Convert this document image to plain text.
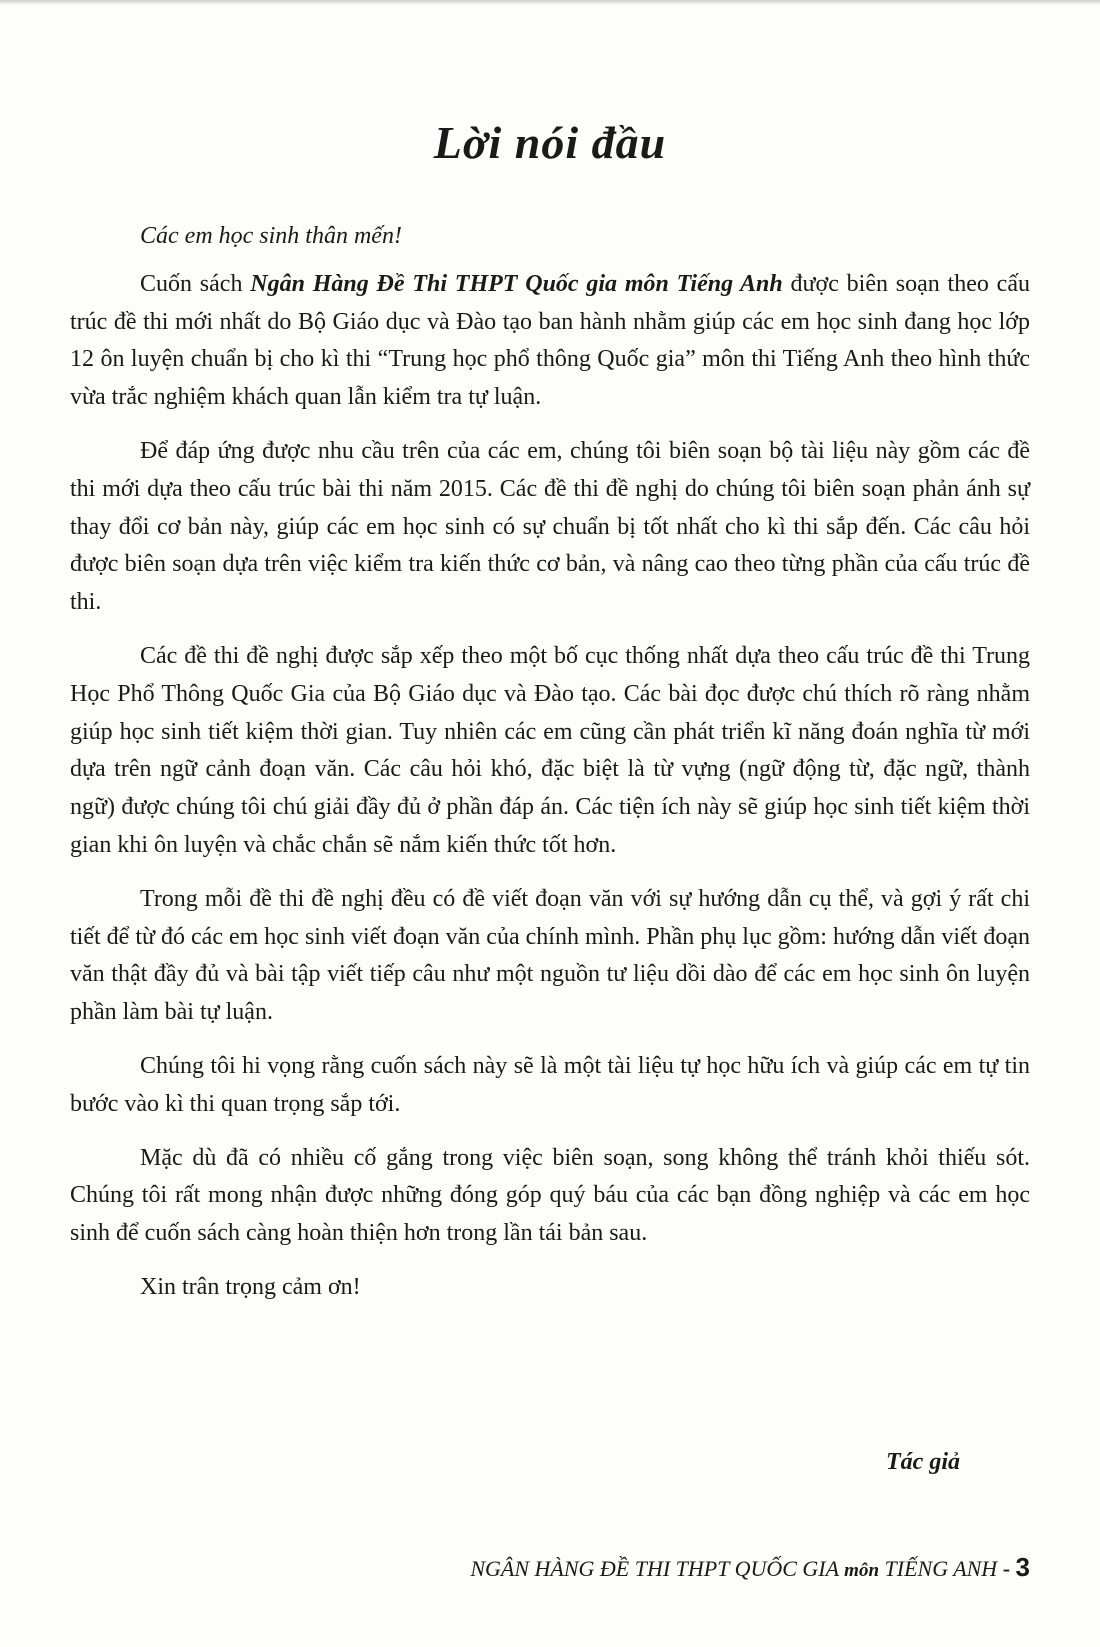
Lời nói đầu

Các em học sinh thân mến!

Cuốn sách Ngân Hàng Đề Thi THPT Quốc gia môn Tiếng Anh được biên soạn theo cấu trúc đề thi mới nhất do Bộ Giáo dục và Đào tạo ban hành nhằm giúp các em học sinh đang học lớp 12 ôn luyện chuẩn bị cho kì thi “Trung học phổ thông Quốc gia” môn thi Tiếng Anh theo hình thức vừa trắc nghiệm khách quan lẫn kiểm tra tự luận.

Để đáp ứng được nhu cầu trên của các em, chúng tôi biên soạn bộ tài liệu này gồm các đề thi mới dựa theo cấu trúc bài thi năm 2015. Các đề thi đề nghị do chúng tôi biên soạn phản ánh sự thay đổi cơ bản này, giúp các em học sinh có sự chuẩn bị tốt nhất cho kì thi sắp đến. Các câu hỏi được biên soạn dựa trên việc kiểm tra kiến thức cơ bản, và nâng cao theo từng phần của cấu trúc đề thi.

Các đề thi đề nghị được sắp xếp theo một bố cục thống nhất dựa theo cấu trúc đề thi Trung Học Phổ Thông Quốc Gia của Bộ Giáo dục và Đào tạo. Các bài đọc được chú thích rõ ràng nhằm giúp học sinh tiết kiệm thời gian. Tuy nhiên các em cũng cần phát triển kĩ năng đoán nghĩa từ mới dựa trên ngữ cảnh đoạn văn. Các câu hỏi khó, đặc biệt là từ vựng (ngữ động từ, đặc ngữ, thành ngữ) được chúng tôi chú giải đầy đủ ở phần đáp án. Các tiện ích này sẽ giúp học sinh tiết kiệm thời gian khi ôn luyện và chắc chắn sẽ nắm kiến thức tốt hơn.

Trong mỗi đề thi đề nghị đều có đề viết đoạn văn với sự hướng dẫn cụ thể, và gợi ý rất chi tiết để từ đó các em học sinh viết đoạn văn của chính mình. Phần phụ lục gồm: hướng dẫn viết đoạn văn thật đầy đủ và bài tập viết tiếp câu như một nguồn tư liệu dồi dào để các em học sinh ôn luyện phần làm bài tự luận.

Chúng tôi hi vọng rằng cuốn sách này sẽ là một tài liệu tự học hữu ích và giúp các em tự tin bước vào kì thi quan trọng sắp tới.

Mặc dù đã có nhiều cố gắng trong việc biên soạn, song không thể tránh khỏi thiếu sót. Chúng tôi rất mong nhận được những đóng góp quý báu của các bạn đồng nghiệp và các em học sinh để cuốn sách càng hoàn thiện hơn trong lần tái bản sau.

Xin trân trọng cảm ơn!

Tác giả
NGÂN HÀNG ĐỀ THI THPT QUỐC GIA môn TIẾNG ANH - 3
